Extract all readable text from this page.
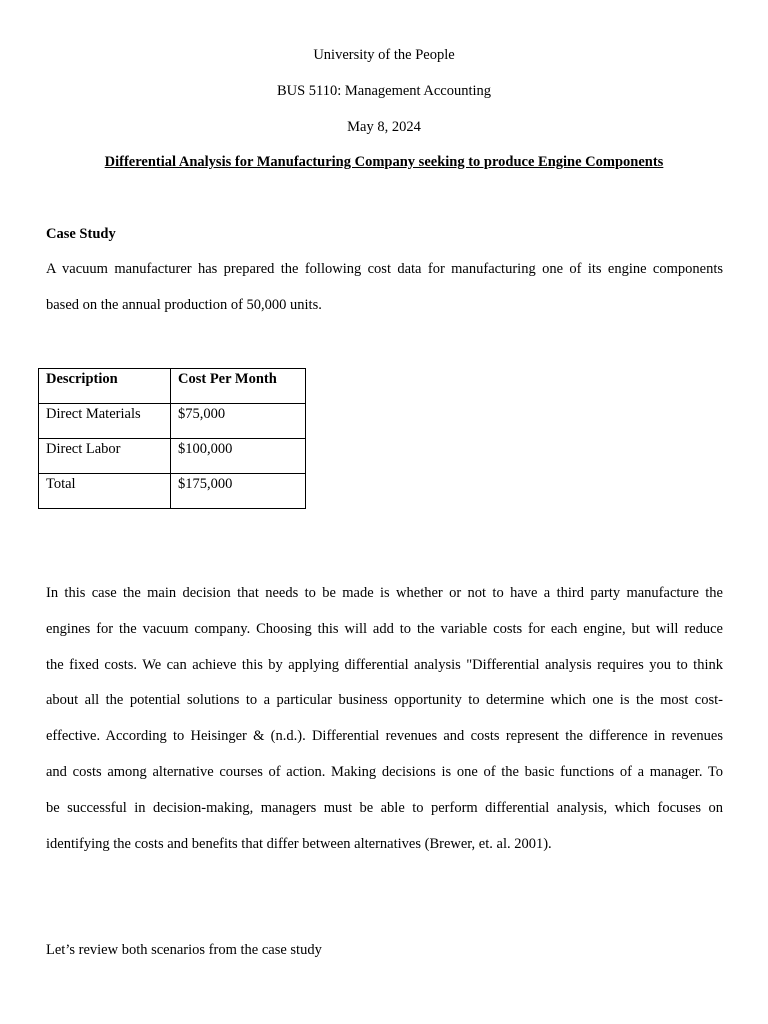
University of the People
BUS 5110: Management Accounting
May 8, 2024
Differential Analysis for Manufacturing Company seeking to produce Engine Components
Case Study
A vacuum manufacturer has prepared the following cost data for manufacturing one of its engine components
based on the annual production of 50,000 units.
Description	Cost Per Month
Direct Materials	$75,000
Direct Labor	$100,000
Total	$175,000
In this case the main decision that needs to be made is whether or not to have a third party manufacture the
engines for the vacuum company. Choosing this will add to the variable costs for each engine, but will reduce
the fixed costs. We can achieve this by applying differential analysis "Differential analysis requires you to think
about all the potential solutions to a particular business opportunity to determine which one is the most cost-
effective. According to Heisinger & (n.d.). Differential revenues and costs represent the difference in revenues
and costs among alternative courses of action. Making decisions is one of the basic functions of a manager. To
be successful in decision-making, managers must be able to perform differential analysis, which focuses on
identifying the costs and benefits that differ between alternatives (Brewer, et. al. 2001).
Let’s review both scenarios from the case study
